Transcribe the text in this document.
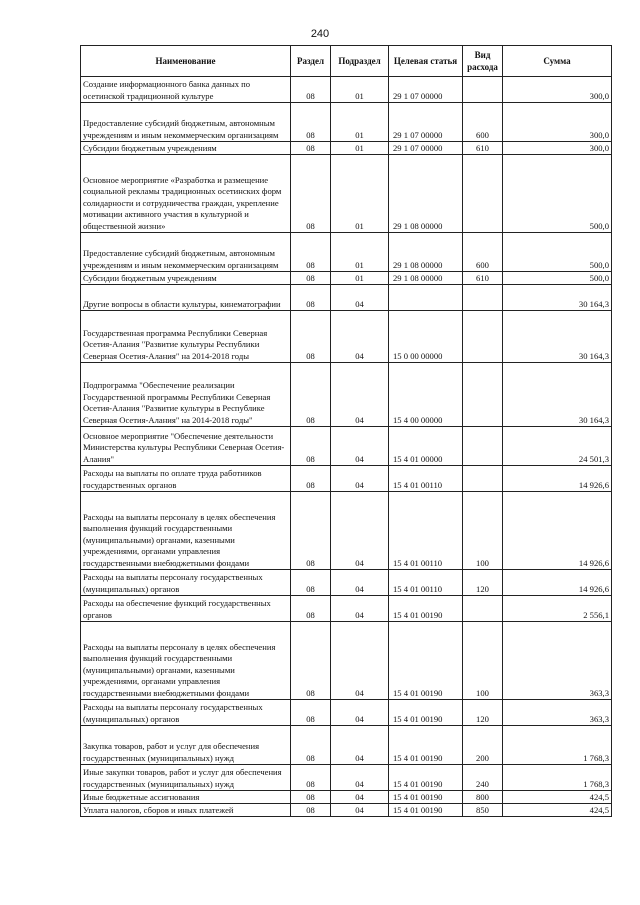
240
Наименование	Раздел	Подраздел	Целевая статья	Вид расхода	Сумма
Создание информационного банка данных по осетинской традиционной культуре	08	01	29 1 07 00000		300,0
Предоставление субсидий бюджетным, автономным учреждениям и иным некоммерческим организациям	08	01	29 1 07 00000	600	300,0
Субсидии бюджетным учреждениям	08	01	29 1 07 00000	610	300,0
Основное мероприятие «Разработка и размещение социальной рекламы традиционных осетинских форм солидарности и сотрудничества граждан, укрепление мотивации активного участия в культурной и общественной жизни»	08	01	29 1 08 00000		500,0
Предоставление субсидий бюджетным, автономным учреждениям и иным некоммерческим организациям	08	01	29 1 08 00000	600	500,0
Субсидии бюджетным учреждениям	08	01	29 1 08 00000	610	500,0
Другие вопросы в области культуры, кинематографии	08	04			30 164,3
Государственная программа Республики Северная Осетия-Алания "Развитие культуры Республики Северная Осетия-Алания" на 2014-2018 годы	08	04	15 0 00 00000		30 164,3
Подпрограмма "Обеспечение реализации Государственной программы Республики Северная Осетия-Алания "Развитие культуры в Республике Северная Осетия-Алания" на 2014-2018 годы"	08	04	15 4 00 00000		30 164,3
Основное мероприятие "Обеспечение деятельности Министерства культуры Республики Северная Осетия-Алания"	08	04	15 4 01 00000		24 501,3
Расходы на выплаты по оплате труда работников государственных органов	08	04	15 4 01 00110		14 926,6
Расходы на выплаты персоналу в целях обеспечения выполнения функций государственными (муниципальными) органами, казенными учреждениями, органами управления государственными внебюджетными фондами	08	04	15 4 01 00110	100	14 926,6
Расходы на выплаты персоналу государственных (муниципальных) органов	08	04	15 4 01 00110	120	14 926,6
Расходы на обеспечение функций государственных органов	08	04	15 4 01 00190		2 556,1
Расходы на выплаты персоналу в целях обеспечения выполнения функций государственными (муниципальными) органами, казенными учреждениями, органами управления государственными внебюджетными фондами	08	04	15 4 01 00190	100	363,3
Расходы на выплаты персоналу государственных (муниципальных) органов	08	04	15 4 01 00190	120	363,3
Закупка товаров, работ и услуг для обеспечения государственных (муниципальных) нужд	08	04	15 4 01 00190	200	1 768,3
Иные закупки товаров, работ и услуг для обеспечения государственных (муниципальных) нужд	08	04	15 4 01 00190	240	1 768,3
Иные бюджетные ассигнования	08	04	15 4 01 00190	800	424,5
Уплата налогов, сборов и иных платежей	08	04	15 4 01 00190	850	424,5
